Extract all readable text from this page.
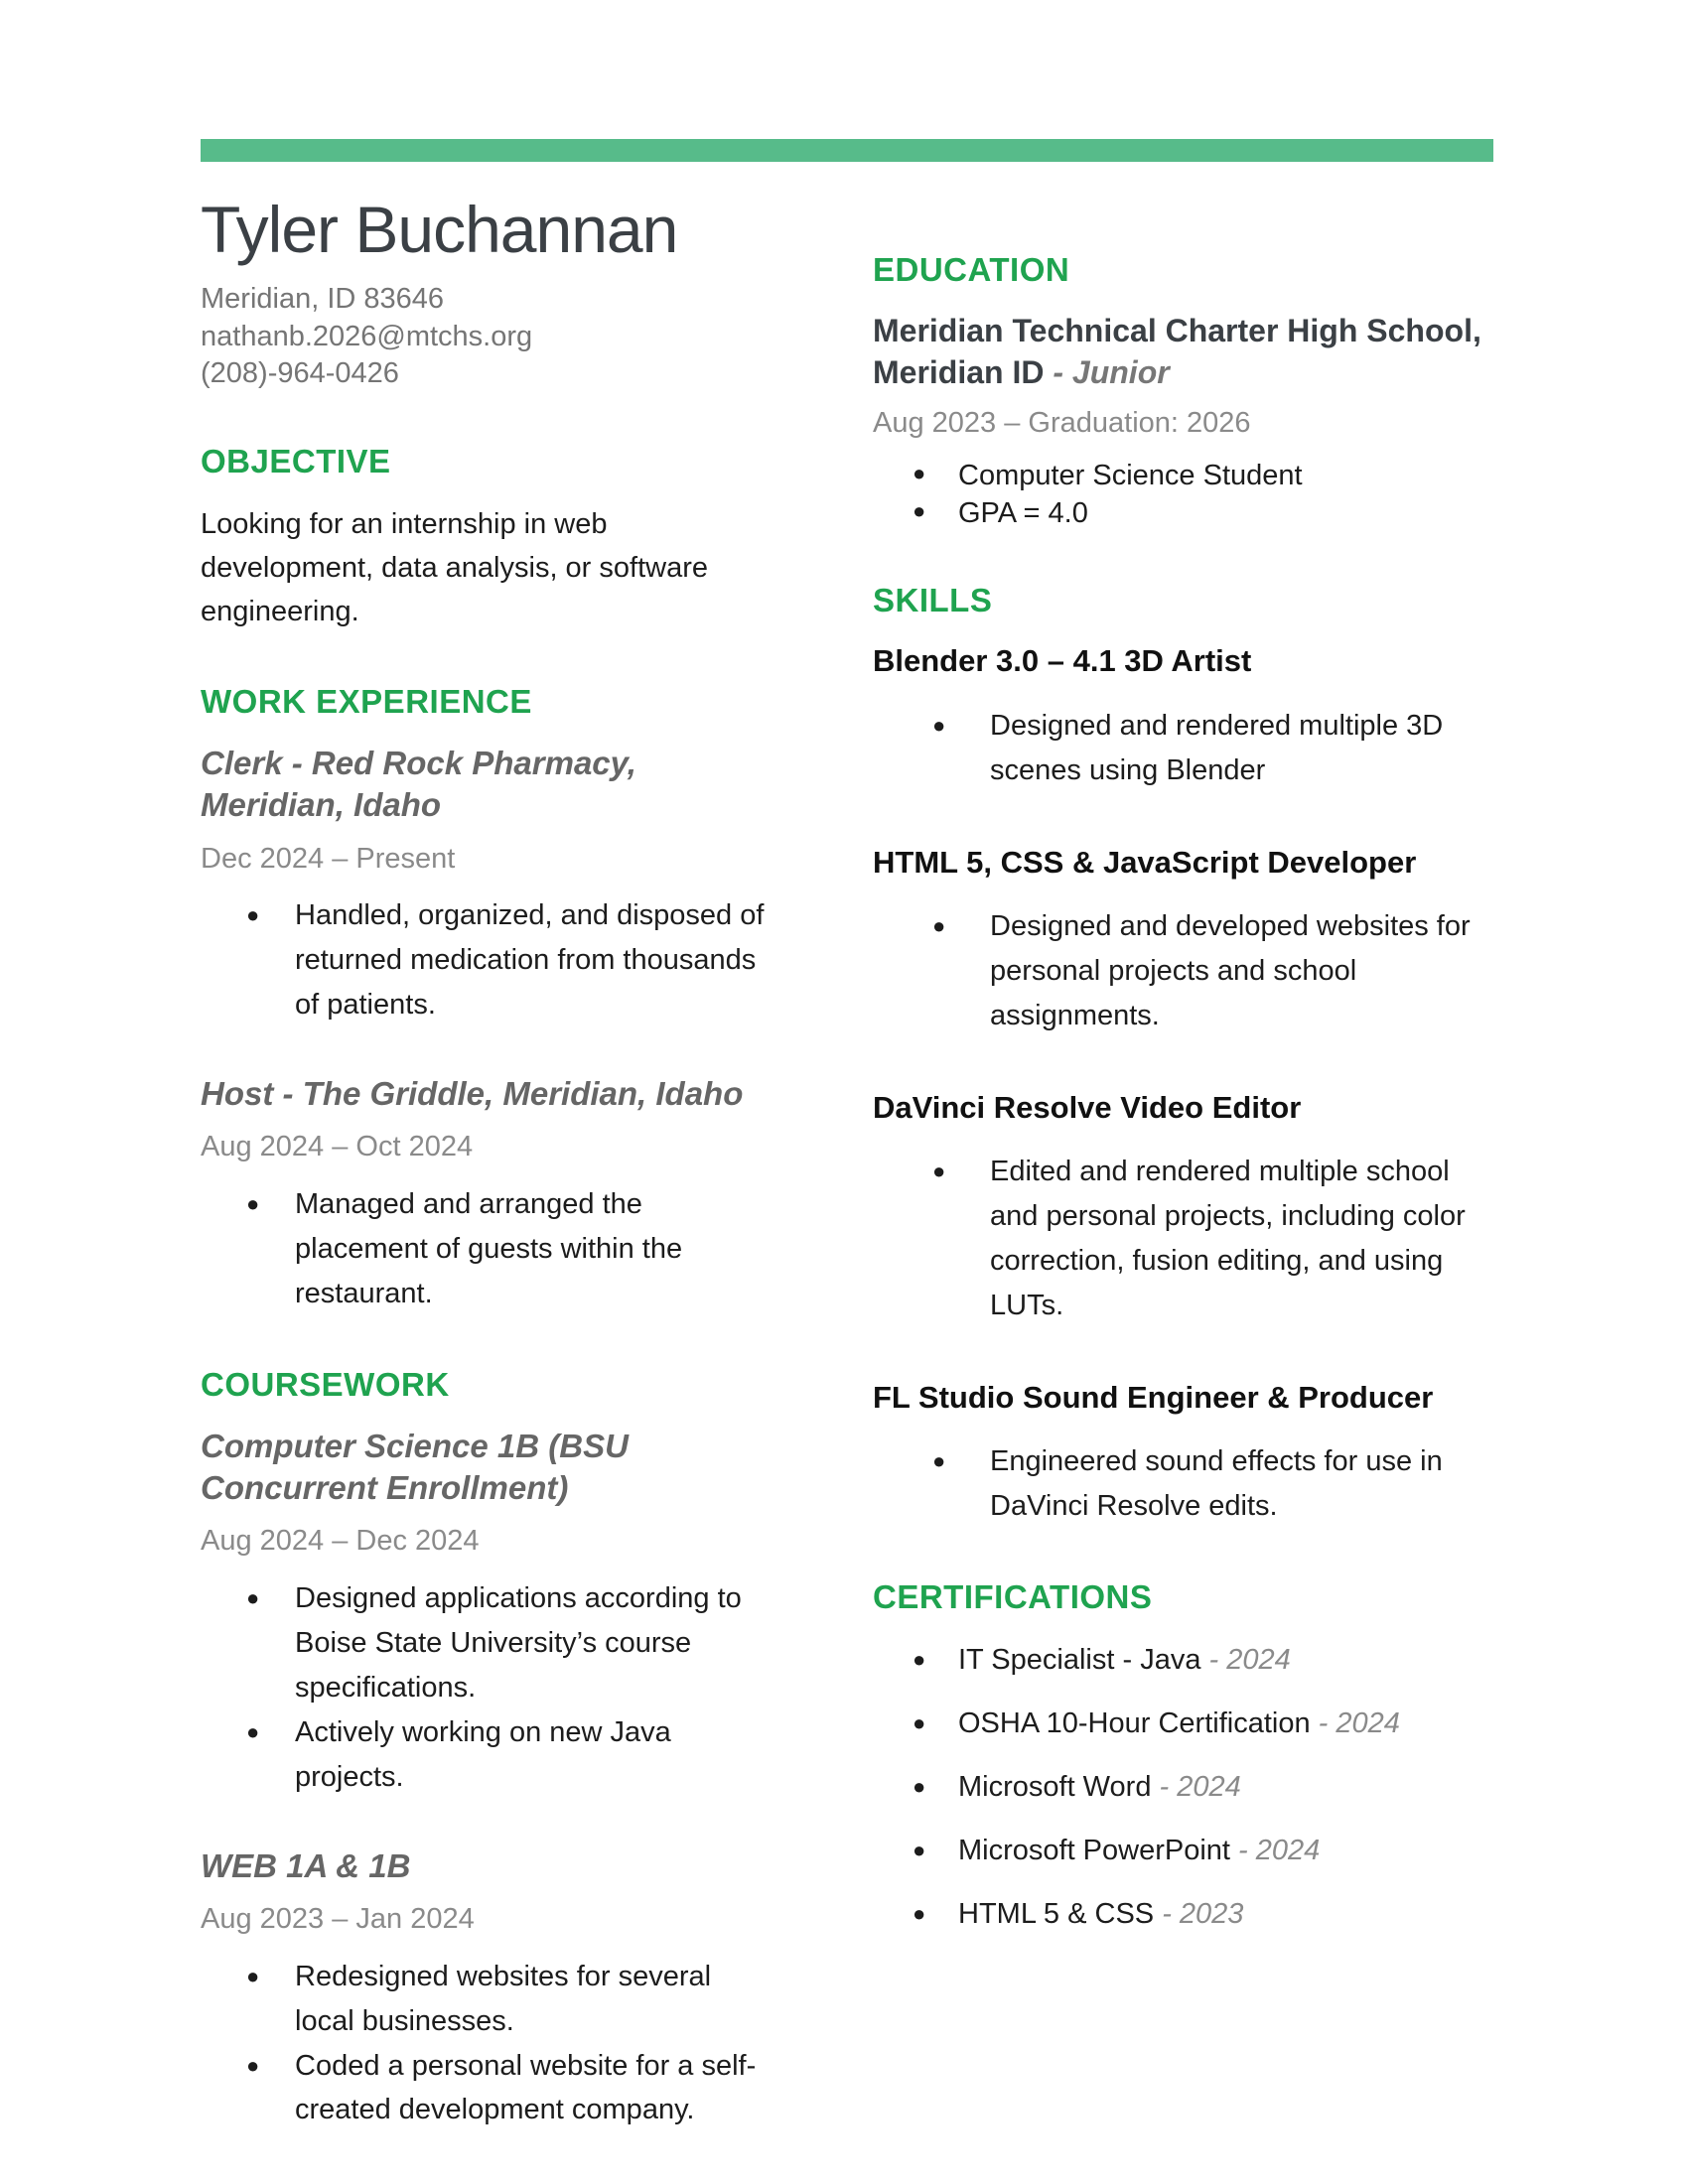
Tyler Buchannan
Meridian, ID 83646
nathanb.2026@mtchs.org
(208)-964-0426
OBJECTIVE

Looking for an internship in web development, data analysis, or software engineering.

WORK EXPERIENCE
Clerk - Red Rock Pharmacy, Meridian, Idaho
Dec 2024 – Present
● Handled, organized, and disposed of returned medication from thousands of patients.
Host - The Griddle, Meridian, Idaho
Aug 2024 – Oct 2024
● Managed and arranged the placement of guests within the restaurant.
COURSEWORK
Computer Science 1B (BSU Concurrent Enrollment)
Aug 2024 – Dec 2024
● Designed applications according to Boise State University’s course specifications.
● Actively working on new Java projects.
WEB 1A & 1B
Aug 2023 – Jan 2024
● Redesigned websites for several local businesses.
● Coded a personal website for a self-created development company.
EDUCATION
Meridian Technical Charter High School, Meridian ID - Junior
Aug 2023 – Graduation: 2026
● Computer Science Student
● GPA = 4.0
SKILLS
Blender 3.0 – 4.1 3D Artist
● Designed and rendered multiple 3D scenes using Blender
HTML 5, CSS & JavaScript Developer
● Designed and developed websites for personal projects and school assignments.
DaVinci Resolve Video Editor
● Edited and rendered multiple school and personal projects, including color correction, fusion editing, and using LUTs.
FL Studio Sound Engineer & Producer
● Engineered sound effects for use in DaVinci Resolve edits.
CERTIFICATIONS
● IT Specialist - Java - 2024
● OSHA 10-Hour Certification - 2024
● Microsoft Word - 2024
● Microsoft PowerPoint - 2024
● HTML 5 & CSS - 2023
